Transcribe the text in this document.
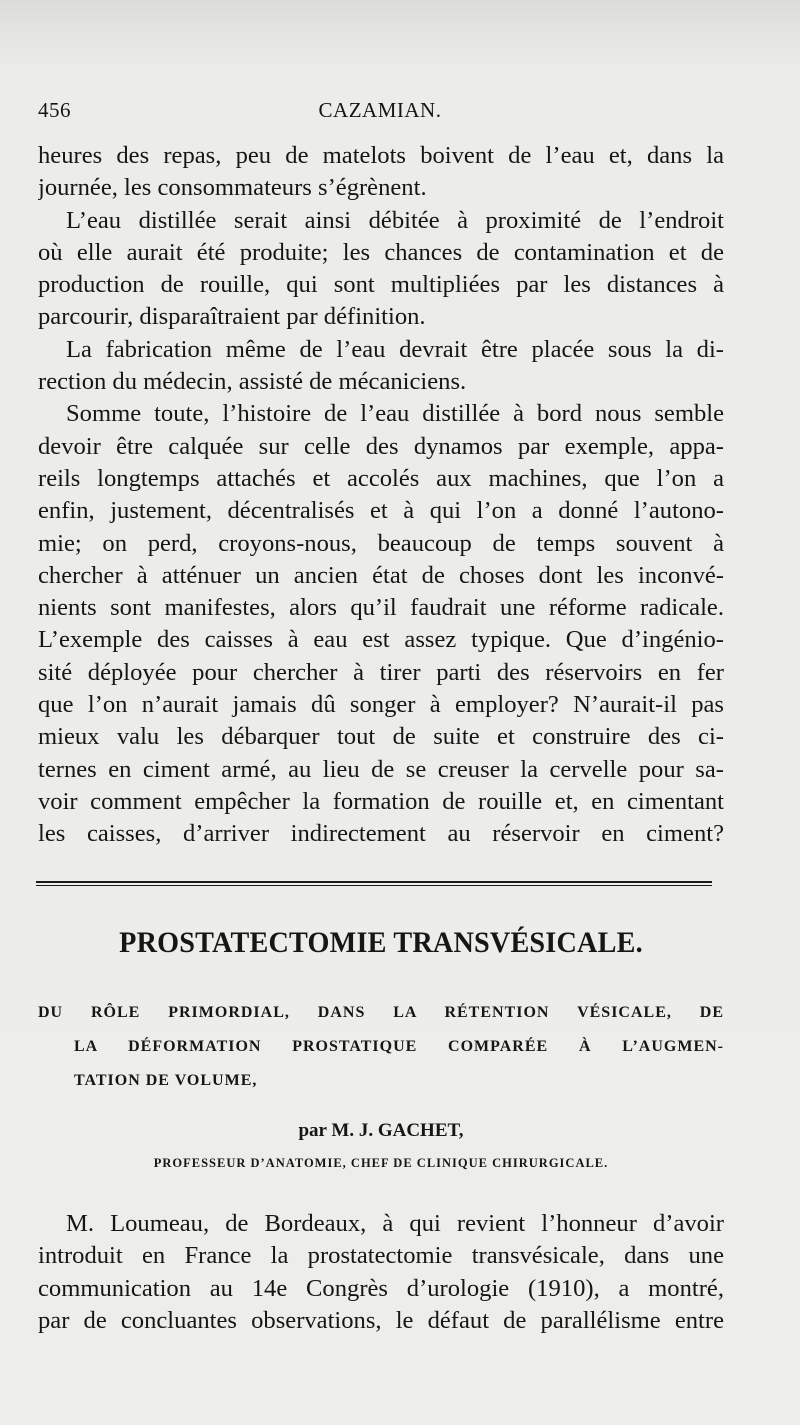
456	CAZAMIAN.
heures des repas, peu de matelots boivent de l’eau et, dans la
journée, les consommateurs s’égrènent.
L’eau distillée serait ainsi débitée à proximité de l’endroit
où elle aurait été produite; les chances de contamination et de
production de rouille, qui sont multipliées par les distances à
parcourir, disparaîtraient par définition.
La fabrication même de l’eau devrait être placée sous la di-
rection du médecin, assisté de mécaniciens.
Somme toute, l’histoire de l’eau distillée à bord nous semble
devoir être calquée sur celle des dynamos par exemple, appa-
reils longtemps attachés et accolés aux machines, que l’on a
enfin, justement, décentralisés et à qui l’on a donné l’autono-
mie; on perd, croyons-nous, beaucoup de temps souvent à
chercher à atténuer un ancien état de choses dont les inconvé-
nients sont manifestes, alors qu’il faudrait une réforme radicale.
L’exemple des caisses à eau est assez typique. Que d’ingénio-
sité déployée pour chercher à tirer parti des réservoirs en fer
que l’on n’aurait jamais dû songer à employer? N’aurait-il pas
mieux valu les débarquer tout de suite et construire des ci-
ternes en ciment armé, au lieu de se creuser la cervelle pour sa-
voir comment empêcher la formation de rouille et, en cimentant
les caisses, d’arriver indirectement au réservoir en ciment?
PROSTATECTOMIE TRANSVÉSICALE.
DU RÔLE PRIMORDIAL, DANS LA RÉTENTION VÉSICALE, DE
LA DÉFORMATION PROSTATIQUE COMPARÉE À L’AUGMEN-
TATION DE VOLUME,
par M. J. GACHET,
PROFESSEUR D’ANATOMIE, CHEF DE CLINIQUE CHIRURGICALE.
M. Loumeau, de Bordeaux, à qui revient l’honneur d’avoir
introduit en France la prostatectomie transvésicale, dans une
communication au 14e Congrès d’urologie (1910), a montré,
par de concluantes observations, le défaut de parallélisme entre
